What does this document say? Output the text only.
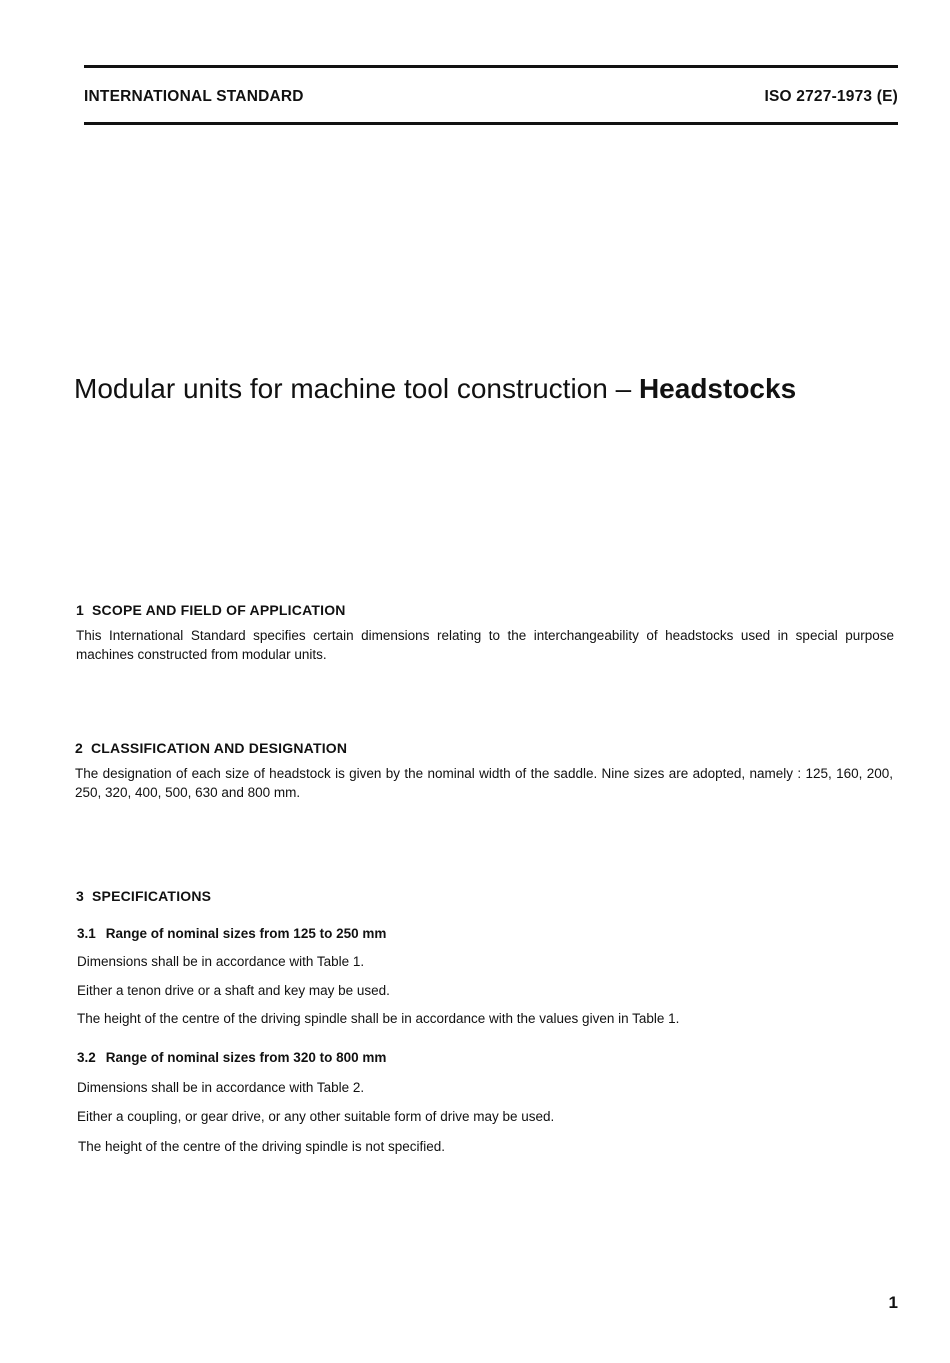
INTERNATIONAL STANDARD	ISO 2727-1973 (E)
Modular units for machine tool construction – Headstocks

1 SCOPE AND FIELD OF APPLICATION

This International Standard specifies certain dimensions relating to the interchangeability of headstocks used in special purpose machines constructed from modular units.

2 CLASSIFICATION AND DESIGNATION

The designation of each size of headstock is given by the nominal width of the saddle. Nine sizes are adopted, namely : 125, 160, 200, 250, 320, 400, 500, 630 and 800 mm.

3 SPECIFICATIONS

3.1 Range of nominal sizes from 125 to 250 mm

Dimensions shall be in accordance with Table 1.

Either a tenon drive or a shaft and key may be used.

The height of the centre of the driving spindle shall be in accordance with the values given in Table 1.

3.2 Range of nominal sizes from 320 to 800 mm

Dimensions shall be in accordance with Table 2.

Either a coupling, or gear drive, or any other suitable form of drive may be used.

The height of the centre of the driving spindle is not specified.

1
